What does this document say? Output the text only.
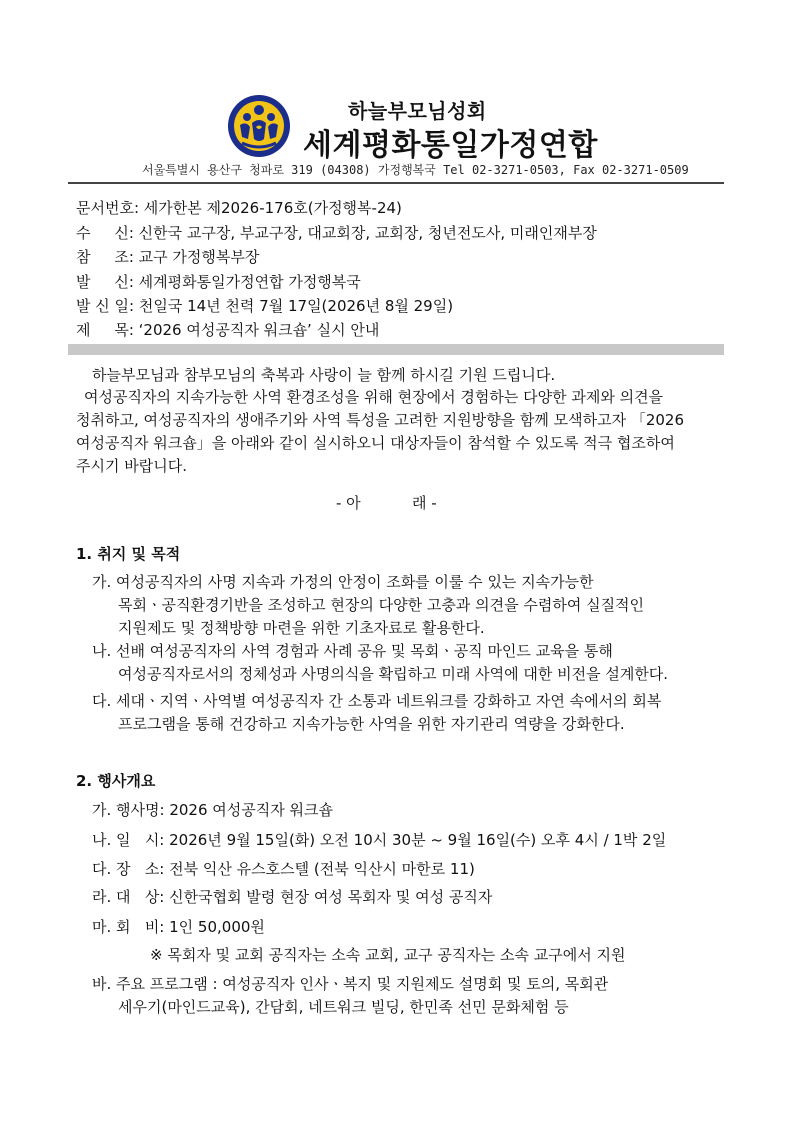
하늘부모님성회
세계평화통일가정연합
서울특별시 용산구 청파로 319 (04308) 가정행복국 Tel 02-3271-0503, Fax 02-3271-0509
문서번호: 세가한본 제2026-176호(가정행복-24)
수     신: 신한국 교구장, 부교구장, 대교회장, 교회장, 청년전도사, 미래인재부장
참     조: 교구 가정행복부장
발     신: 세계평화통일가정연합 가정행복국
발 신 일: 천일국 14년 천력 7월 17일(2026년 8월 29일)
제     목: ‘2026 여성공직자 워크숍’ 실시 안내
하늘부모님과 참부모님의 축복과 사랑이 늘 함께 하시길 기원 드립니다.
여성공직자의 지속가능한 사역 환경조성을 위해 현장에서 경험하는 다양한 과제와 의견을
청취하고, 여성공직자의 생애주기와 사역 특성을 고려한 지원방향을 함께 모색하고자 「2026
여성공직자 워크숍」을 아래와 같이 실시하오니 대상자들이 참석할 수 있도록 적극 협조하여
주시기 바랍니다.
- 아	래 -
1. 취지 및 목적
가. 여성공직자의 사명 지속과 가정의 안정이 조화를 이룰 수 있는 지속가능한
목회ㆍ공직환경기반을 조성하고 현장의 다양한 고충과 의견을 수렴하여 실질적인
지원제도 및 정책방향 마련을 위한 기초자료로 활용한다.
나. 선배 여성공직자의 사역 경험과 사례 공유 및 목회ㆍ공직 마인드 교육을 통해
여성공직자로서의 정체성과 사명의식을 확립하고 미래 사역에 대한 비전을 설계한다.
다. 세대ㆍ지역ㆍ사역별 여성공직자 간 소통과 네트워크를 강화하고 자연 속에서의 회복
프로그램을 통해 건강하고 지속가능한 사역을 위한 자기관리 역량을 강화한다.
2. 행사개요
가. 행사명: 2026 여성공직자 워크숍
나. 일   시: 2026년 9월 15일(화) 오전 10시 30분 ~ 9월 16일(수) 오후 4시 / 1박 2일
다. 장   소: 전북 익산 유스호스텔 (전북 익산시 마한로 11)
라. 대   상: 신한국협회 발령 현장 여성 목회자 및 여성 공직자
마. 회   비: 1인 50,000원
※ 목회자 및 교회 공직자는 소속 교회, 교구 공직자는 소속 교구에서 지원
바. 주요 프로그램 : 여성공직자 인사ㆍ복지 및 지원제도 설명회 및 토의, 목회관
세우기(마인드교육), 간담회, 네트워크 빌딩, 한민족 선민 문화체험 등
